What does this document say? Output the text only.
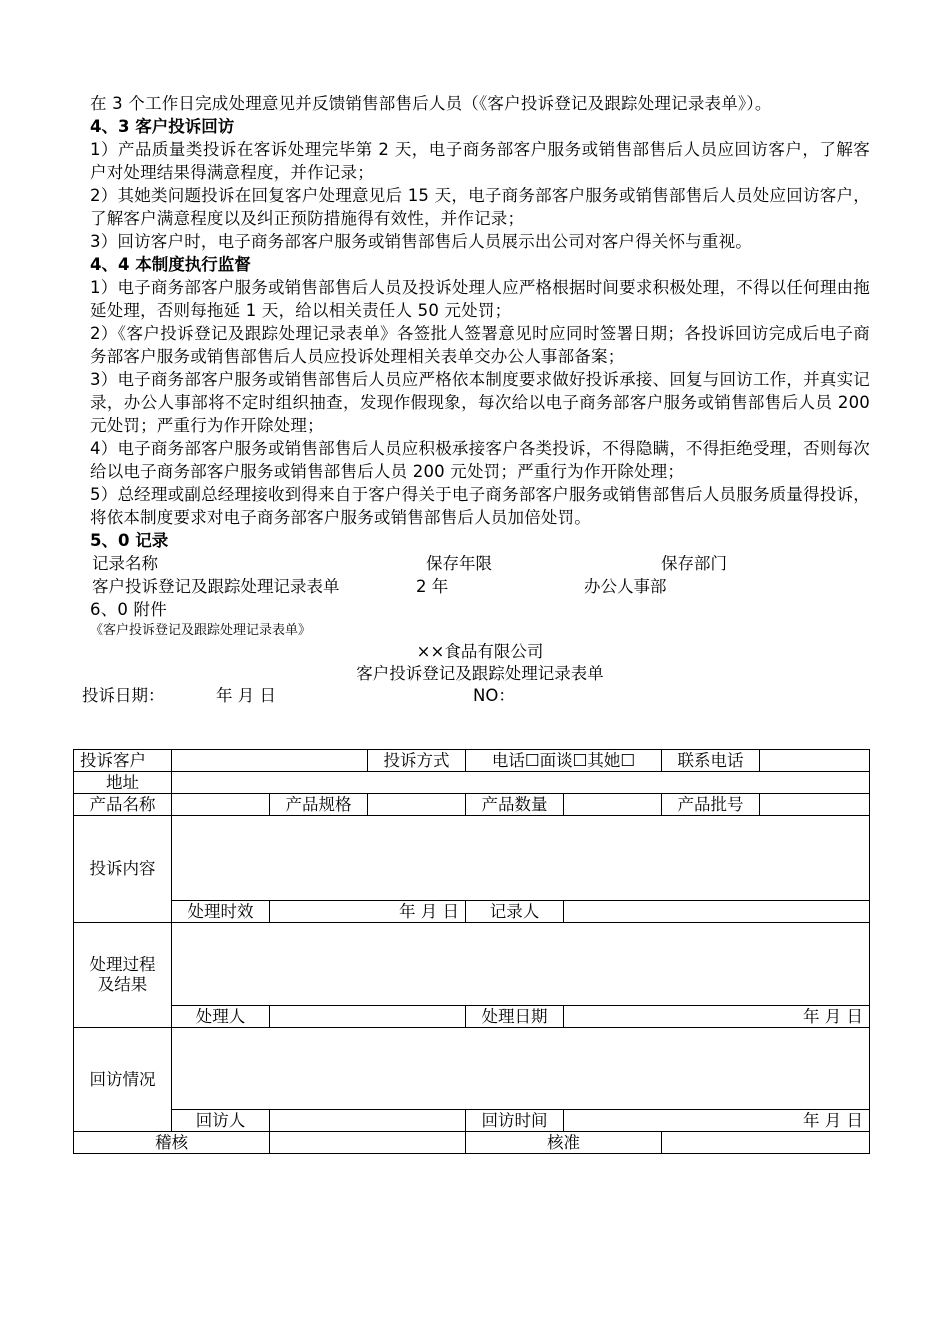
在 3 个工作日完成处理意见并反馈销售部售后人员（《客户投诉登记及跟踪处理记录表单》）。

4、3 客户投诉回访

1）产品质量类投诉在客诉处理完毕第 2 天，电子商务部客户服务或销售部售后人员应回访客户，了解客户对处理结果得满意程度，并作记录；

2）其她类问题投诉在回复客户处理意见后 15 天，电子商务部客户服务或销售部售后人员处应回访客户，了解客户满意程度以及纠正预防措施得有效性，并作记录；

3）回访客户时，电子商务部客户服务或销售部售后人员展示出公司对客户得关怀与重视。

4、4 本制度执行监督

1）电子商务部客户服务或销售部售后人员及投诉处理人应严格根据时间要求积极处理，不得以任何理由拖延处理，否则每拖延 1 天，给以相关责任人 50 元处罚；

2）《客户投诉登记及跟踪处理记录表单》各签批人签署意见时应同时签署日期；各投诉回访完成后电子商务部客户服务或销售部售后人员应投诉处理相关表单交办公人事部备案；

3）电子商务部客户服务或销售部售后人员应严格依本制度要求做好投诉承接、回复与回访工作，并真实记录，办公人事部将不定时组织抽查，发现作假现象，每次给以电子商务部客户服务或销售部售后人员 200 元处罚；严重行为作开除处理；

4）电子商务部客户服务或销售部售后人员应积极承接客户各类投诉，不得隐瞒，不得拒绝受理，否则每次给以电子商务部客户服务或销售部售后人员 200 元处罚；严重行为作开除处理；

5）总经理或副总经理接收到得来自于客户得关于电子商务部客户服务或销售部售后人员服务质量得投诉，将依本制度要求对电子商务部客户服务或销售部售后人员加倍处罚。

5、0 记录

记录名称	保存年限	保存部门
客户投诉登记及跟踪处理记录表单	2 年	办公人事部

6、0 附件

《客户投诉登记及跟踪处理记录表单》

××食品有限公司

客户投诉登记及跟踪处理记录表单

投诉日期：	年 月 日	NO：
投诉客户			投诉方式	电话☐面谈☐其她☐		联系电话	
地址							
产品名称		产品规格		产品数量		产品批号	
投诉内容							
	处理时效	年 月 日		记录人			
处理过程
及结果							
	处理人			处理日期	年 月 日		
回访情况							
	回访人			回访时间	年 月 日		
稽核				核准			
